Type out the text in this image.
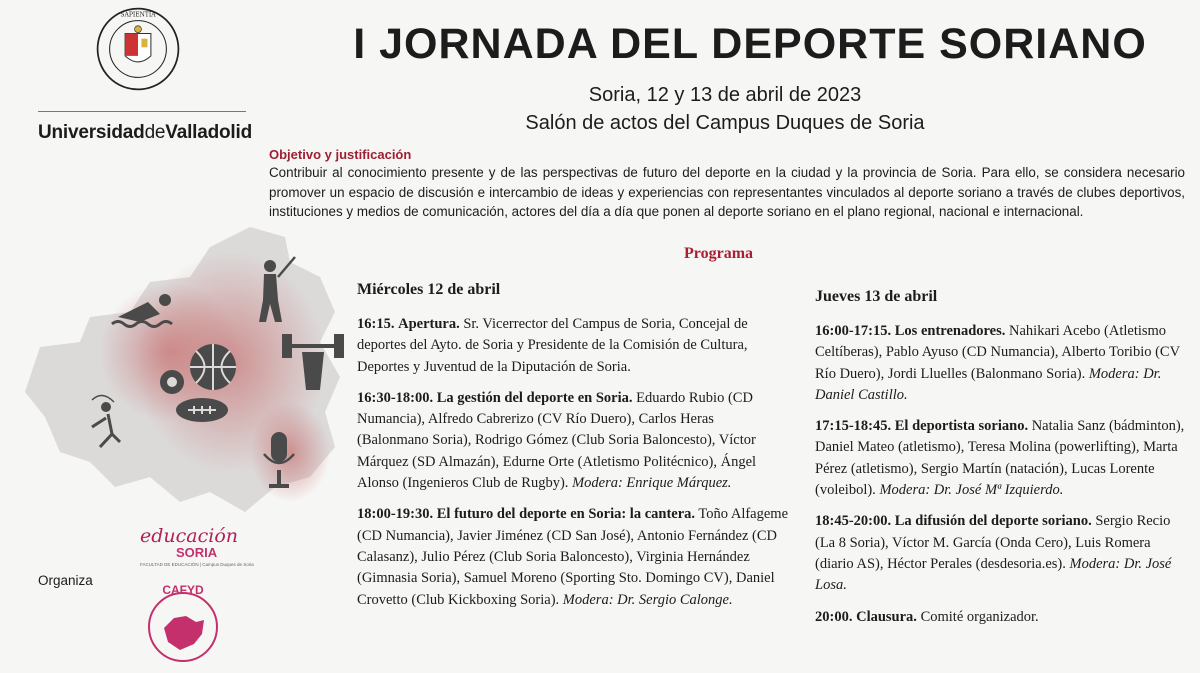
SAPIENTIA
UniversidaddeValladolid
I JORNADA DEL DEPORTE SORIANO
Soria, 12 y 13 de abril de 2023
Salón de actos del Campus Duques de Soria
Objetivo y justificación
Contribuir al conocimiento presente y de las perspectivas de futuro del deporte en la ciudad y la provincia de Soria. Para ello, se considera necesario promover un espacio de discusión e intercambio de ideas y experiencias con representantes vinculados al deporte soriano a través de clubes deportivos, instituciones y medios de comunicación, actores del día a día que ponen al deporte soriano en el plano regional, nacional e internacional.
Organiza
educación
SORIA
FACULTAD DE EDUCACIÓN | Campus Duques de Soria
CAFYD
Programa
Miércoles 12 de abril

16:15. Apertura. Sr. Vicerrector del Campus de Soria, Concejal de deportes del Ayto. de Soria y Presidente de la Comisión de Cultura, Deportes y Juventud de la Diputación de Soria.

16:30-18:00. La gestión del deporte en Soria. Eduardo Rubio (CD Numancia), Alfredo Cabrerizo (CV Río Duero), Carlos Heras (Balonmano Soria), Rodrigo Gómez (Club Soria Baloncesto), Víctor Márquez (SD Almazán), Edurne Orte (Atletismo Politécnico), Ángel Alonso (Ingenieros Club de Rugby). Modera: Enrique Márquez.

18:00-19:30. El futuro del deporte en Soria: la cantera. Toño Alfageme (CD Numancia), Javier Jiménez (CD San José), Antonio Fernández (CD Calasanz), Julio Pérez (Club Soria Baloncesto), Virginia Hernández (Gimnasia Soria), Samuel Moreno (Sporting Sto. Domingo CV), Daniel Crovetto (Club Kickboxing Soria). Modera: Dr. Sergio Calonge.

Jueves 13 de abril

16:00-17:15. Los entrenadores. Nahikari Acebo (Atletismo Celtíberas), Pablo Ayuso (CD Numancia), Alberto Toribio (CV Río Duero), Jordi Lluelles (Balonmano Soria). Modera: Dr. Daniel Castillo.

17:15-18:45. El deportista soriano. Natalia Sanz (bádminton), Daniel Mateo (atletismo), Teresa Molina (powerlifting), Marta Pérez (atletismo), Sergio Martín (natación), Lucas Lorente (voleibol). Modera: Dr. José Mª Izquierdo.

18:45-20:00. La difusión del deporte soriano. Sergio Recio (La 8 Soria), Víctor M. García (Onda Cero), Luis Romera (diario AS), Héctor Perales (desdesoria.es). Modera: Dr. José Losa.

20:00. Clausura. Comité organizador.
